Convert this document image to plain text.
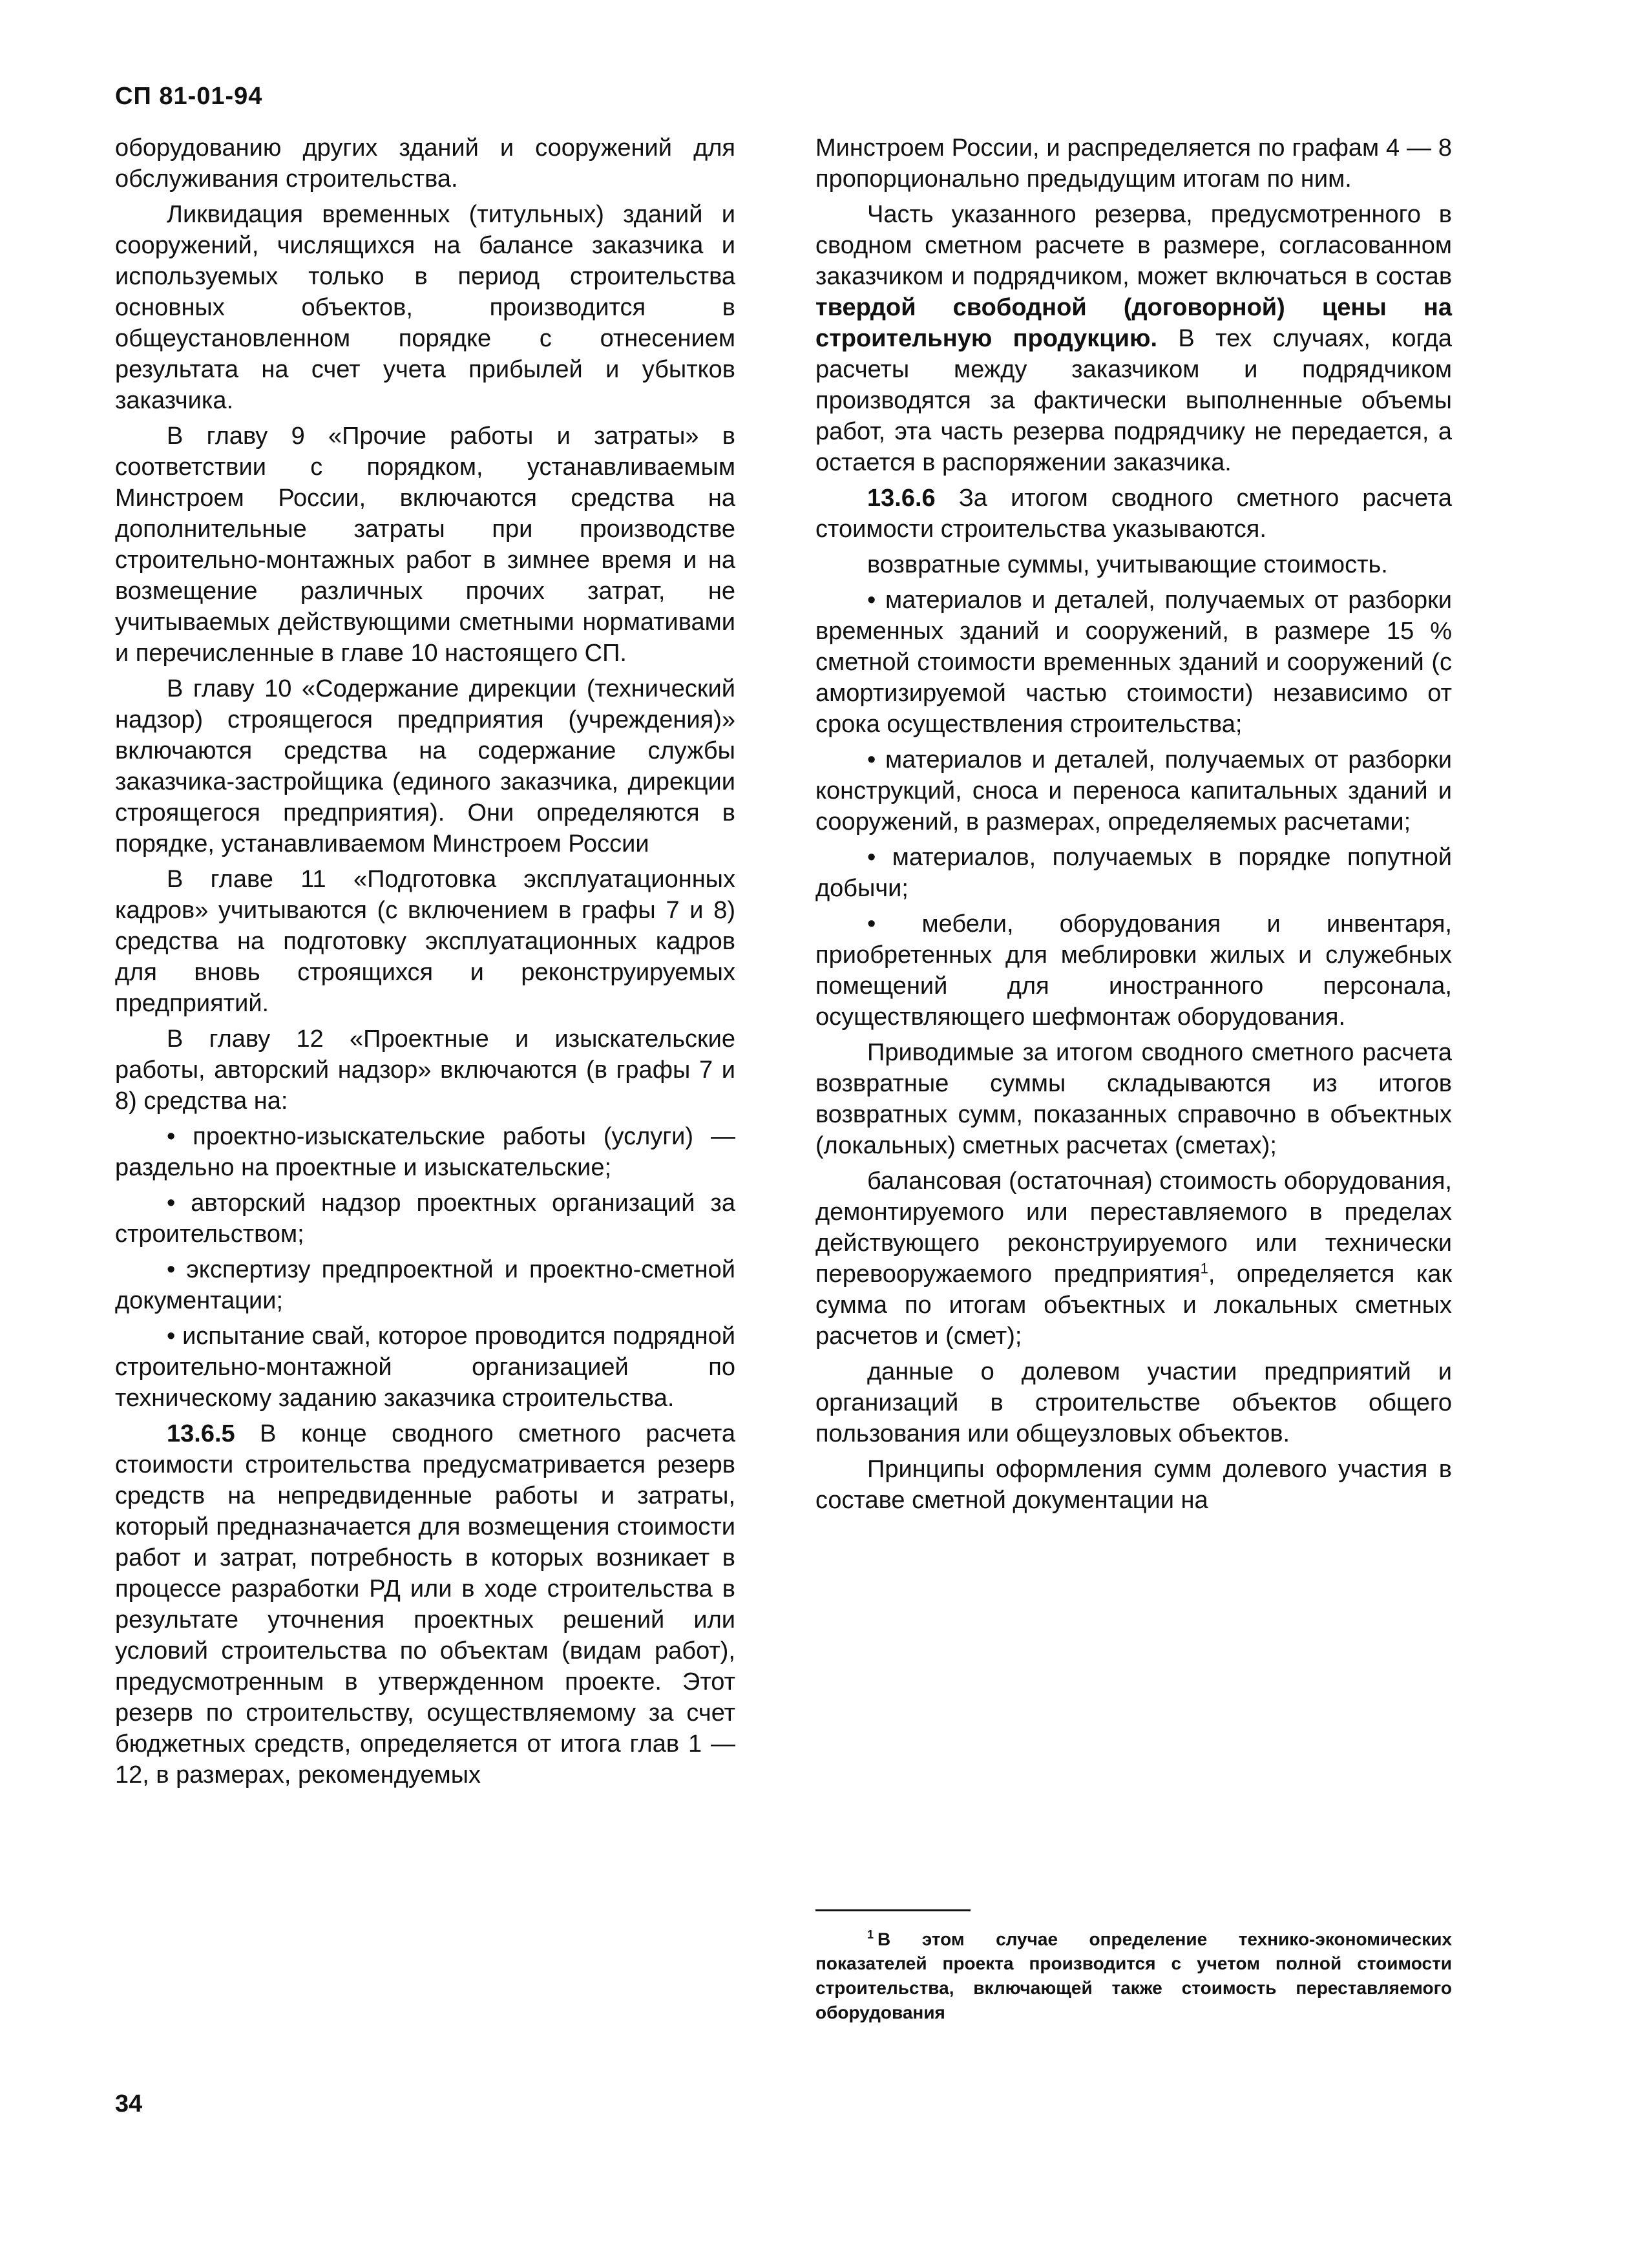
СП 81-01-94

оборудованию других зданий и сооружений для обслуживания строительства.

Ликвидация временных (титульных) зданий и сооружений, числящихся на балансе заказчика и используемых только в период строительства основных объектов, производится в общеустановленном порядке с отнесением результата на счет учета прибылей и убытков заказчика.

В главу 9 «Прочие работы и затраты» в соответствии с порядком, устанавливаемым Минстроем России, включаются средства на дополнительные затраты при производстве строительно-монтажных работ в зимнее время и на возмещение различных прочих затрат, не учитываемых действующими сметными нормативами и перечисленные в главе 10 настоящего СП.

В главу 10 «Содержание дирекции (технический надзор) строящегося предприятия (учреждения)» включаются средства на содержание службы заказчика-застройщика (единого заказчика, дирекции строящегося предприятия). Они определяются в порядке, устанавливаемом Минстроем России

В главе 11 «Подготовка эксплуатационных кадров» учитываются (с включением в графы 7 и 8) средства на подготовку эксплуатационных кадров для вновь строящихся и реконструируемых предприятий.

В главу 12 «Проектные и изыскательские работы, авторский надзор» включаются (в графы 7 и 8) средства на:

• проектно-изыскательские работы (услуги) — раздельно на проектные и изыскательские;

• авторский надзор проектных организаций за строительством;

• экспертизу предпроектной и проектно-сметной документации;

• испытание свай, которое проводится подрядной строительно-монтажной организацией по техническому заданию заказчика строительства.

13.6.5 В конце сводного сметного расчета стоимости строительства предусматривается резерв средств на непредвиденные работы и затраты, который предназначается для возмещения стоимости работ и затрат, потребность в которых возникает в процессе разработки РД или в ходе строительства в результате уточнения проектных решений или условий строительства по объектам (видам работ), предусмотренным в утвержденном проекте. Этот резерв по строительству, осуществляемому за счет бюджетных средств, определяется от итога глав 1 — 12, в размерах, рекомендуемых

Минстроем России, и распределяется по графам 4 — 8 пропорционально предыдущим итогам по ним.

Часть указанного резерва, предусмотренного в сводном сметном расчете в размере, согласованном заказчиком и подрядчиком, может включаться в состав твердой свободной (договорной) цены на строительную продукцию. В тех случаях, когда расчеты между заказчиком и подрядчиком производятся за фактически выполненные объемы работ, эта часть резерва подрядчику не передается, а остается в распоряжении заказчика.

13.6.6 За итогом сводного сметного расчета стоимости строительства указываются.

возвратные суммы, учитывающие стоимость.

• материалов и деталей, получаемых от разборки временных зданий и сооружений, в размере 15 % сметной стоимости временных зданий и сооружений (с амортизируемой частью стоимости) независимо от срока осуществления строительства;

• материалов и деталей, получаемых от разборки конструкций, сноса и переноса капитальных зданий и сооружений, в размерах, определяемых расчетами;

• материалов, получаемых в порядке попутной добычи;

• мебели, оборудования и инвентаря, приобретенных для меблировки жилых и служебных помещений для иностранного персонала, осуществляющего шефмонтаж оборудования.

Приводимые за итогом сводного сметного расчета возвратные суммы складываются из итогов возвратных сумм, показанных справочно в объектных (локальных) сметных расчетах (сметах);

балансовая (остаточная) стоимость оборудования, демонтируемого или переставляемого в пределах действующего реконструируемого или технически перевооружаемого предприятия$^1$, определяется как сумма по итогам объектных и локальных сметных расчетов и (смет);

данные о долевом участии предприятий и организаций в строительстве объектов общего пользования или общеузловых объектов.

Принципы оформления сумм долевого участия в составе сметной документации на

$^1$ В этом случае определение технико-экономических показателей проекта производится с учетом полной стоимости строительства, включающей также стоимость переставляемого оборудования
34
